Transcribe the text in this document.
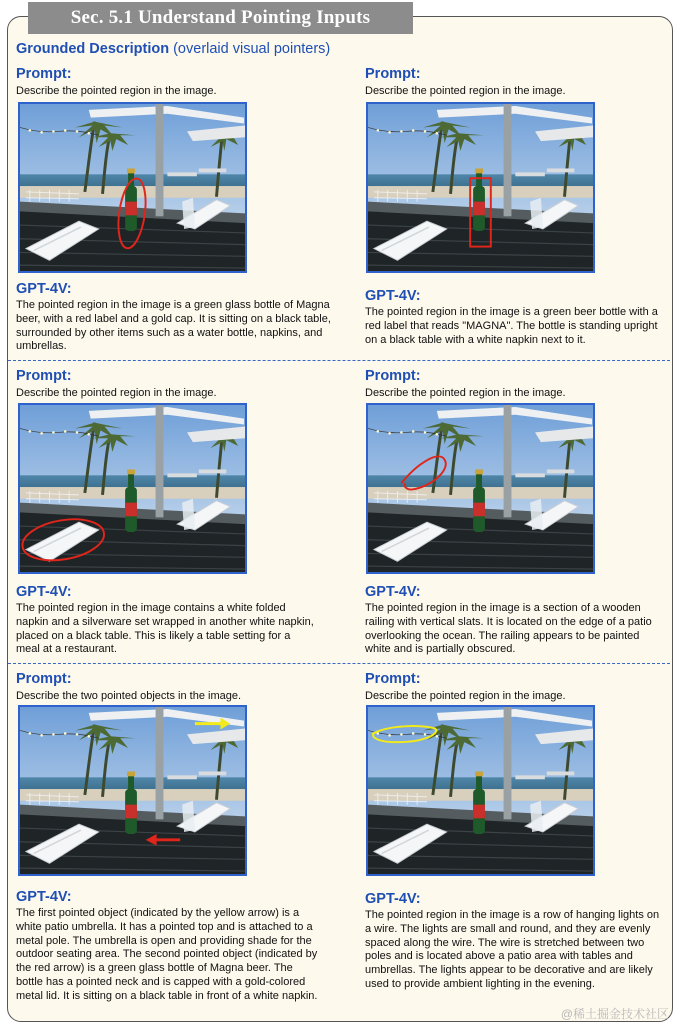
Sec. 5.1 Understand Pointing Inputs
Grounded Description (overlaid visual pointers)
Prompt:
Describe the pointed region in the image.
GPT-4V:
The pointed region in the image is a green glass bottle of Magna beer, with a red label and a gold cap. It is sitting on a black table, surrounded by other items such as a water bottle, napkins, and umbrellas.
Prompt:
Describe the pointed region in the image.
GPT-4V:
The pointed region in the image is a green beer bottle with a red label that reads "MAGNA". The bottle is standing upright on a black table with a white napkin next to it.
Prompt:
Describe the pointed region in the image.
GPT-4V:
The pointed region in the image contains a white folded napkin and a silverware set wrapped in another white napkin, placed on a black table. This is likely a table setting for a meal at a restaurant.
Prompt:
Describe the pointed region in the image.
GPT-4V:
The pointed region in the image is a section of a wooden railing with vertical slats. It is located on the edge of a patio overlooking the ocean. The railing appears to be painted white and is partially obscured.
Prompt:
Describe the two pointed objects in the image.
GPT-4V:
The first pointed object (indicated by the yellow arrow) is a white patio umbrella. It has a pointed top and is attached to a metal pole. The umbrella is open and providing shade for the outdoor seating area. The second pointed object (indicated by the red arrow) is a green glass bottle of Magna beer. The bottle has a pointed neck and is capped with a gold-colored metal lid. It is sitting on a black table in front of a white napkin.
Prompt:
Describe the pointed region in the image.
GPT-4V:
The pointed region in the image is a row of hanging lights on a wire. The lights are small and round, and they are evenly spaced along the wire. The wire is stretched between two poles and is located above a patio area with tables and umbrellas. The lights appear to be decorative and are likely used to provide ambient lighting in the evening.
@稀土掘金技术社区
